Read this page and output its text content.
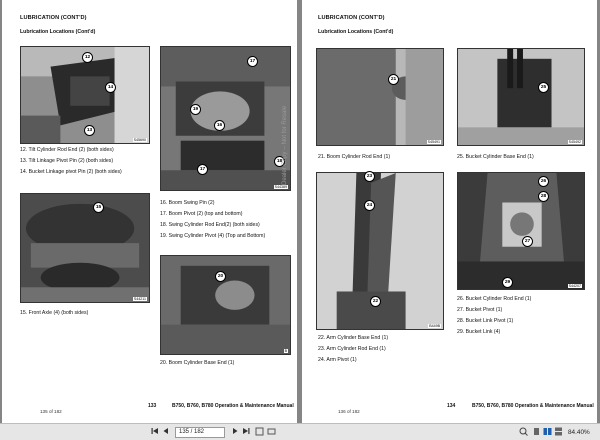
LUBRICATION (CONT'D)
Lubrication Locations (Cont'd)
S45690
12
14
13
12. Tilt Cylinder Rod End (2) (both sides)
13. Tilt Linkage Pivot Pin (2) (both sides)
14. Bucket Linkage pivot Pin (2) (both sides)
S44389
17
19
16
17
18
16. Boom Swing Pin (2)
17. Boom Pivot (2) (top and bottom)
18. Swing Cylinder Rod End(2) (both sides)
19. Swing Cylinder Pivot (4) (Top and Bottom)
S44211
15
15. Front Axle (4) (both sides)
B
20
20. Boom Cylinder Base End (1)
135 of 182
133	B750, B760, B780 Operation & Maintenance Manual
Dealer Copy -- Not for Resale
LUBRICATION (CONT'D)
Lubrication Locations (Cont'd)
S45491
21
21. Boom Cylinder Rod End (1)
S45492
25
25. Bucket Cylinder Base End (1)
B449B
23
24
22
22. Arm Cylinder Base End (1)
23. Arm Cylinder Rod End (1)
24. Arm Pivot (1)
S44207
26
28
27
29
26. Bucket Cylinder Rod End (1)
27. Bucket Pivot (1)
28. Bucket Link Pivot (1)
29. Bucket Link (4)
136 of 182
134	B750, B760, B780 Operation & Maintenance Manual
135 / 182	84.40%
